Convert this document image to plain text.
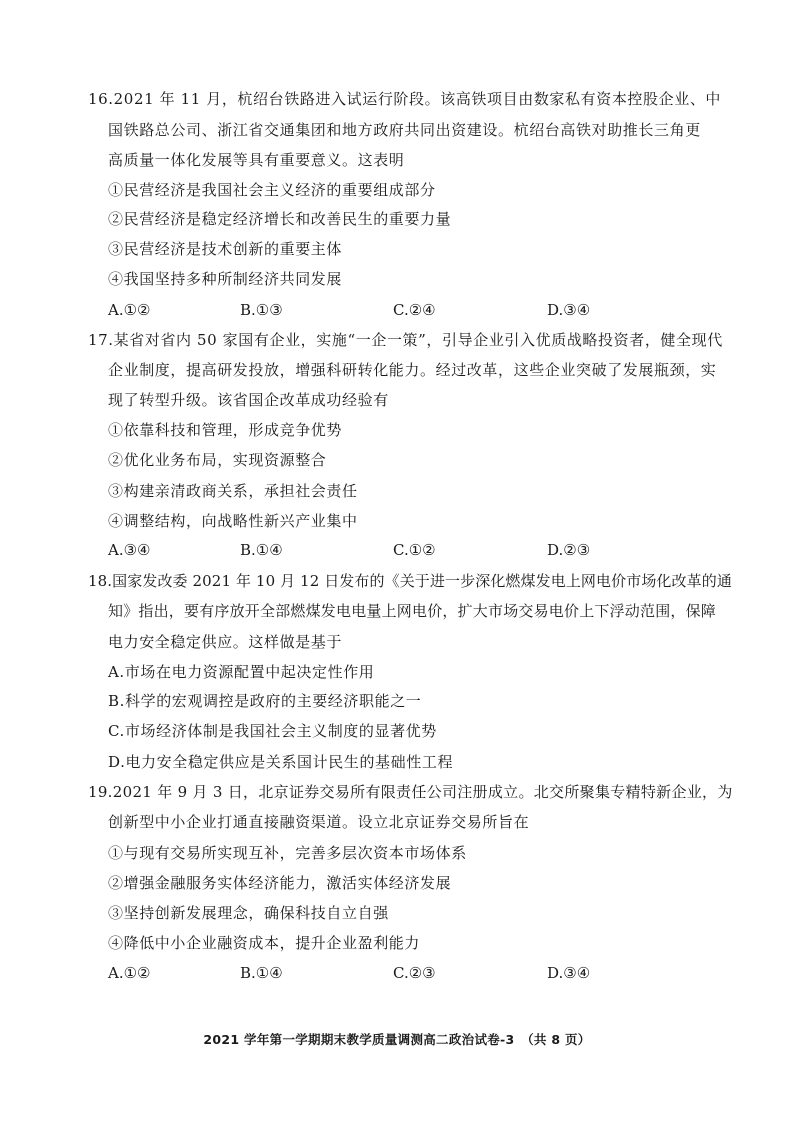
16.2021 年 11 月，杭绍台铁路进入试运行阶段。该高铁项目由数家私有资本控股企业、中
国铁路总公司、浙江省交通集团和地方政府共同出资建设。杭绍台高铁对助推长三角更
高质量一体化发展等具有重要意义。这表明
①民营经济是我国社会主义经济的重要组成部分
②民营经济是稳定经济增长和改善民生的重要力量
③民营经济是技术创新的重要主体
④我国坚持多种所制经济共同发展
A.①②	B.①③	C.②④	D.③④
17.某省对省内 50 家国有企业，实施“一企一策”，引导企业引入优质战略投资者，健全现代
企业制度，提高研发投放，增强科研转化能力。经过改革，这些企业突破了发展瓶颈，实
现了转型升级。该省国企改革成功经验有
①依靠科技和管理，形成竞争优势
②优化业务布局，实现资源整合
③构建亲清政商关系，承担社会责任
④调整结构，向战略性新兴产业集中
A.③④	B.①④	C.①②	D.②③
18.国家发改委 2021 年 10 月 12 日发布的《关于进一步深化燃煤发电上网电价市场化改革的通
知》指出，要有序放开全部燃煤发电电量上网电价，扩大市场交易电价上下浮动范围，保障
电力安全稳定供应。这样做是基于
A.市场在电力资源配置中起决定性作用
B.科学的宏观调控是政府的主要经济职能之一
C.市场经济体制是我国社会主义制度的显著优势
D.电力安全稳定供应是关系国计民生的基础性工程
19.2021 年 9 月 3 日，北京证券交易所有限责任公司注册成立。北交所聚集专精特新企业，为
创新型中小企业打通直接融资渠道。设立北京证券交易所旨在
①与现有交易所实现互补，完善多层次资本市场体系
②增强金融服务实体经济能力，激活实体经济发展
③坚持创新发展理念，确保科技自立自强
④降低中小企业融资成本，提升企业盈利能力
A.①②	B.①④	C.②③	D.③④
2021 学年第一学期期末教学质量调测高二政治试卷-3　（共 8 页）
